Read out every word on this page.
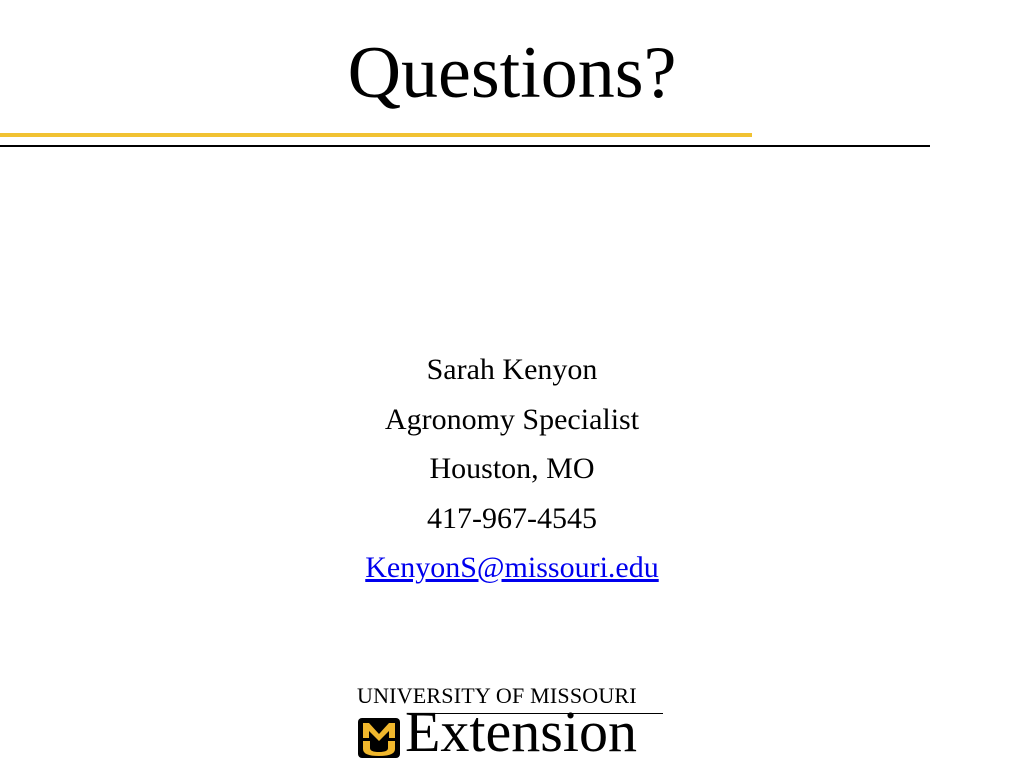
Questions?
Sarah Kenyon
Agronomy Specialist
Houston, MO
417-967-4545
KenyonS@missouri.edu
UNIVERSITY OF MISSOURI
Extension
